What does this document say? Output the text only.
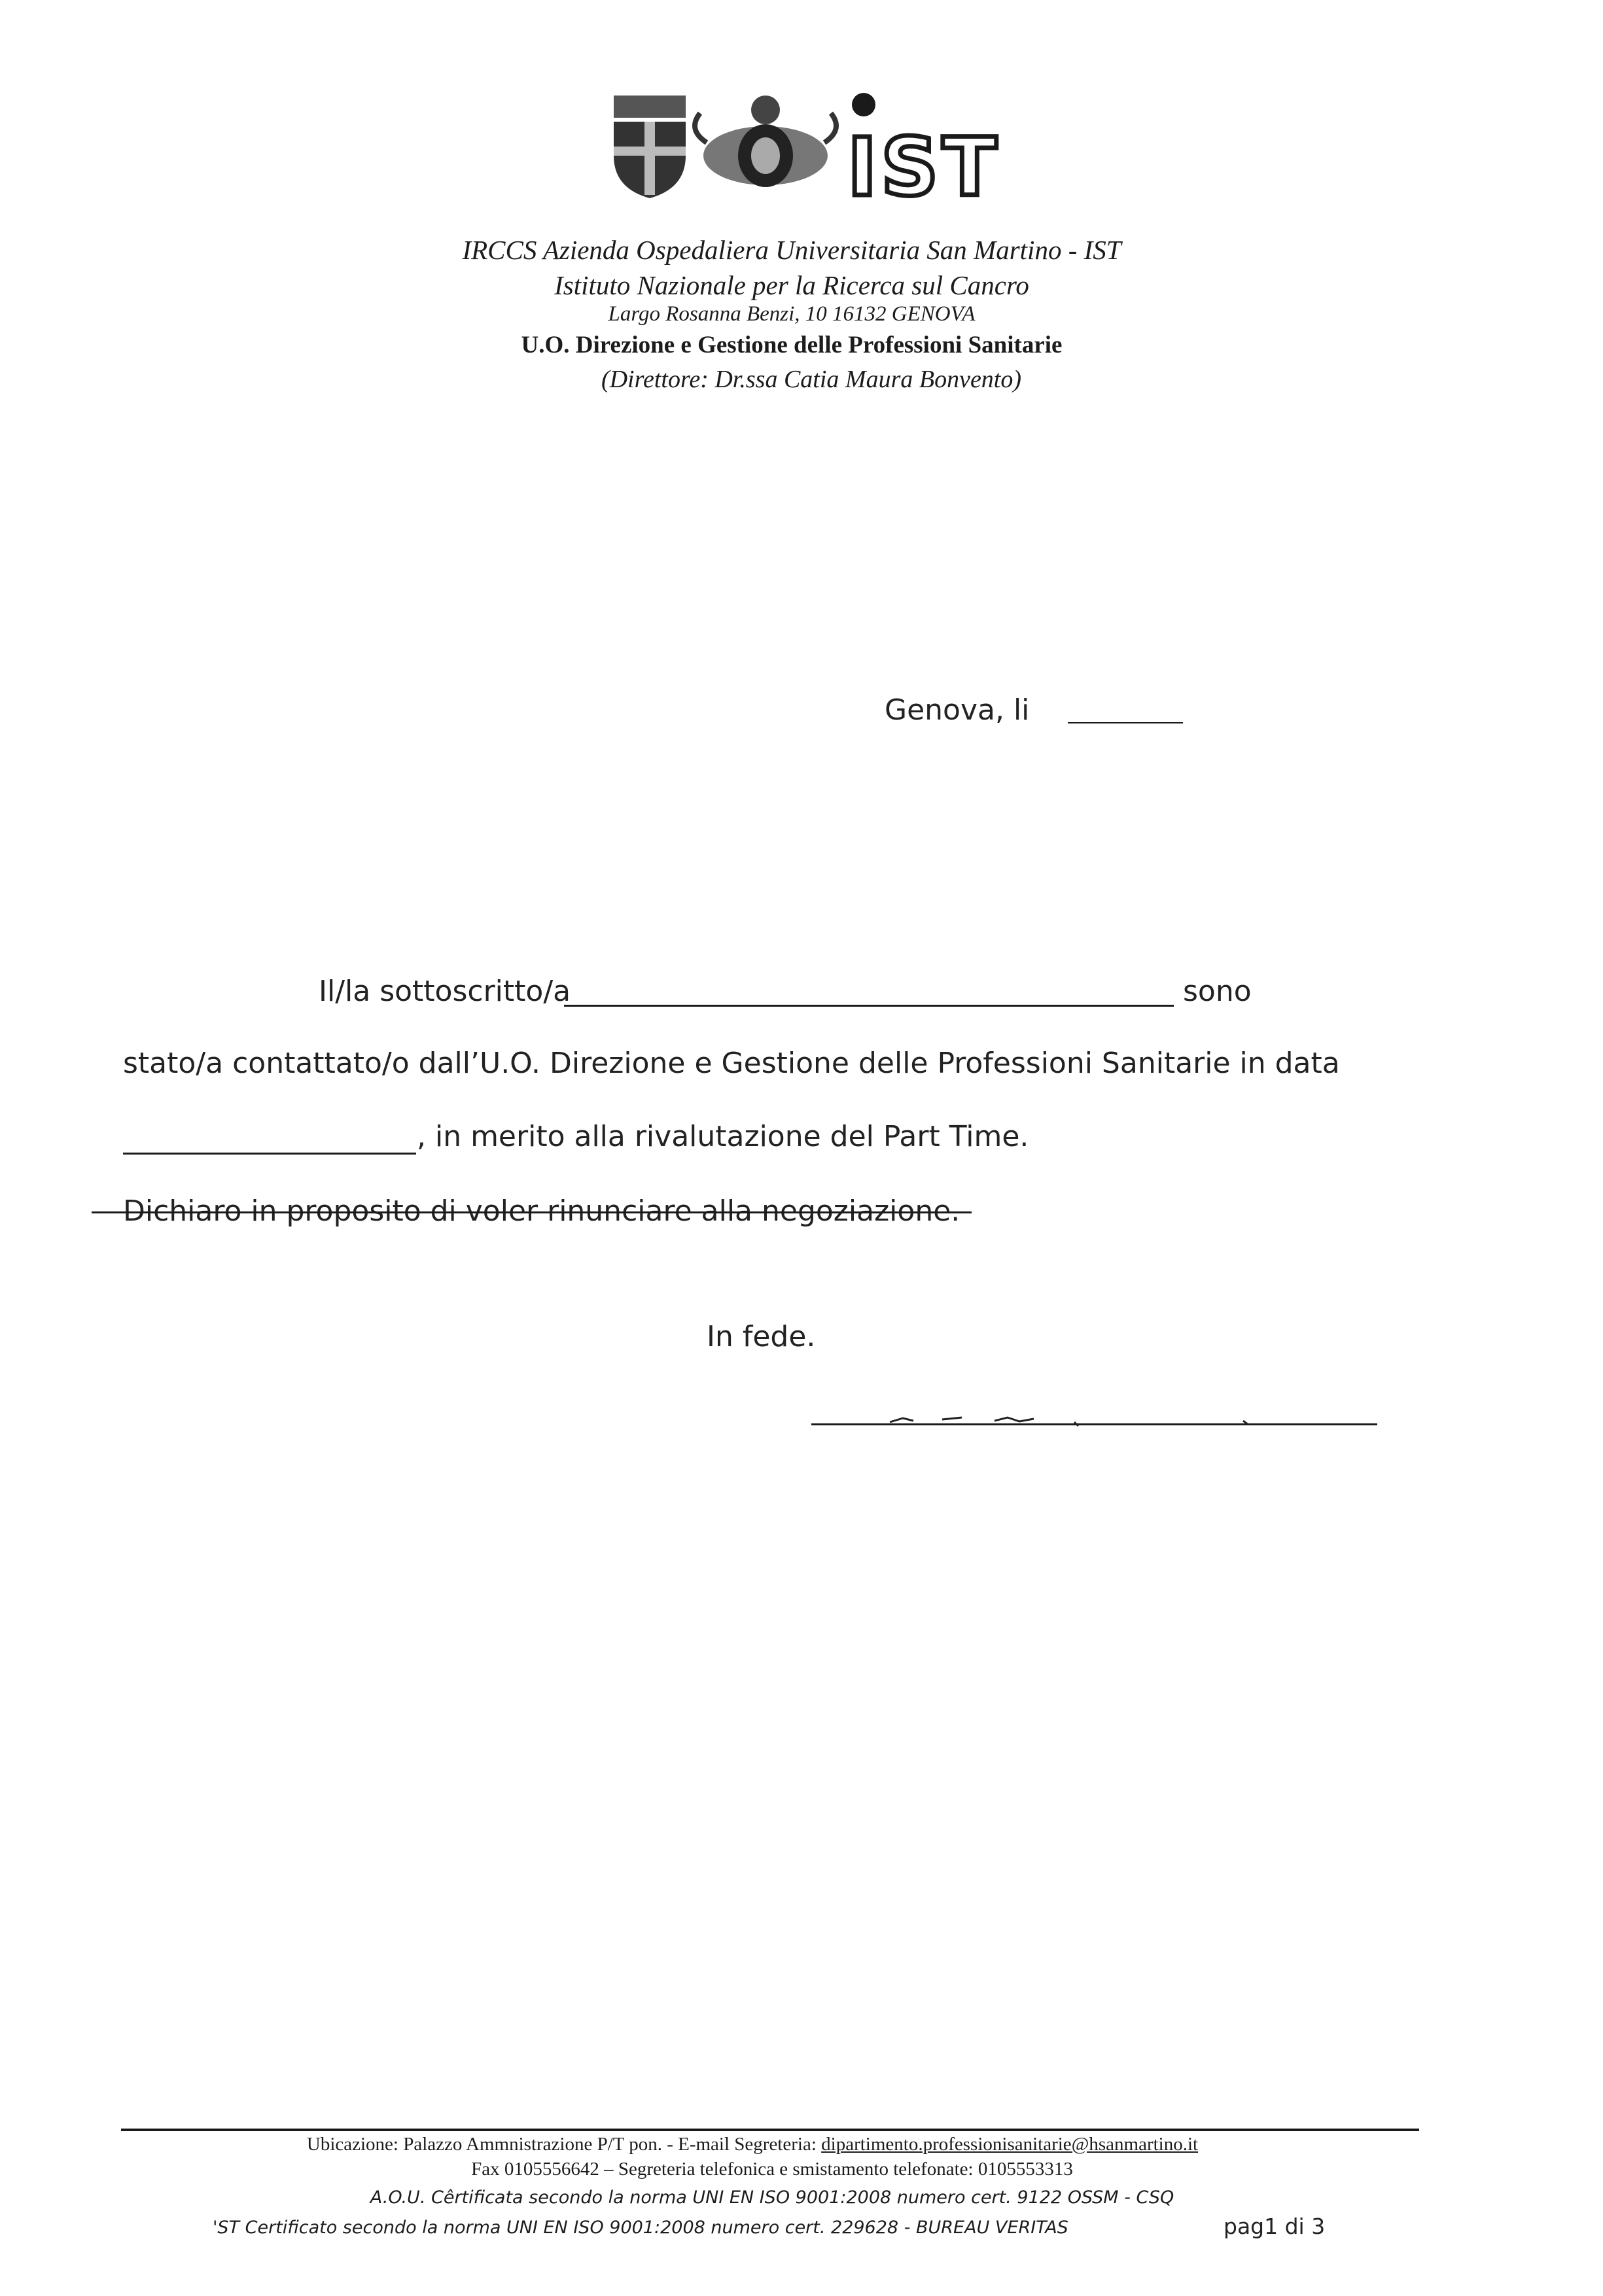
IST
IRCCS Azienda Ospedaliera Universitaria San Martino - IST
Istituto Nazionale per la Ricerca sul Cancro
Largo Rosanna Benzi, 10 16132 GENOVA
U.O. Direzione e Gestione delle Professioni Sanitarie
(Direttore: Dr.ssa Catia Maura Bonvento)
Genova, li
Il/la sottoscritto/a	sono
stato/a contattato/o dall’U.O. Direzione e Gestione delle Professioni Sanitarie in data
, in merito alla rivalutazione del Part Time.
Dichiaro in proposito di voler rinunciare alla negoziazione.
In fede.
Ubicazione: Palazzo Ammnistrazione P/T pon. - E-mail Segreteria: dipartimento.professionisanitarie@hsanmartino.it
Fax 0105556642 – Segreteria telefonica e smistamento telefonate: 0105553313
A.O.U. Cêrtificata secondo la norma UNI EN ISO 9001:2008 numero cert. 9122 OSSM - CSQ
'ST Certificato secondo la norma UNI EN ISO 9001:2008 numero cert. 229628 - BUREAU VERITAS	pag1 di 3
